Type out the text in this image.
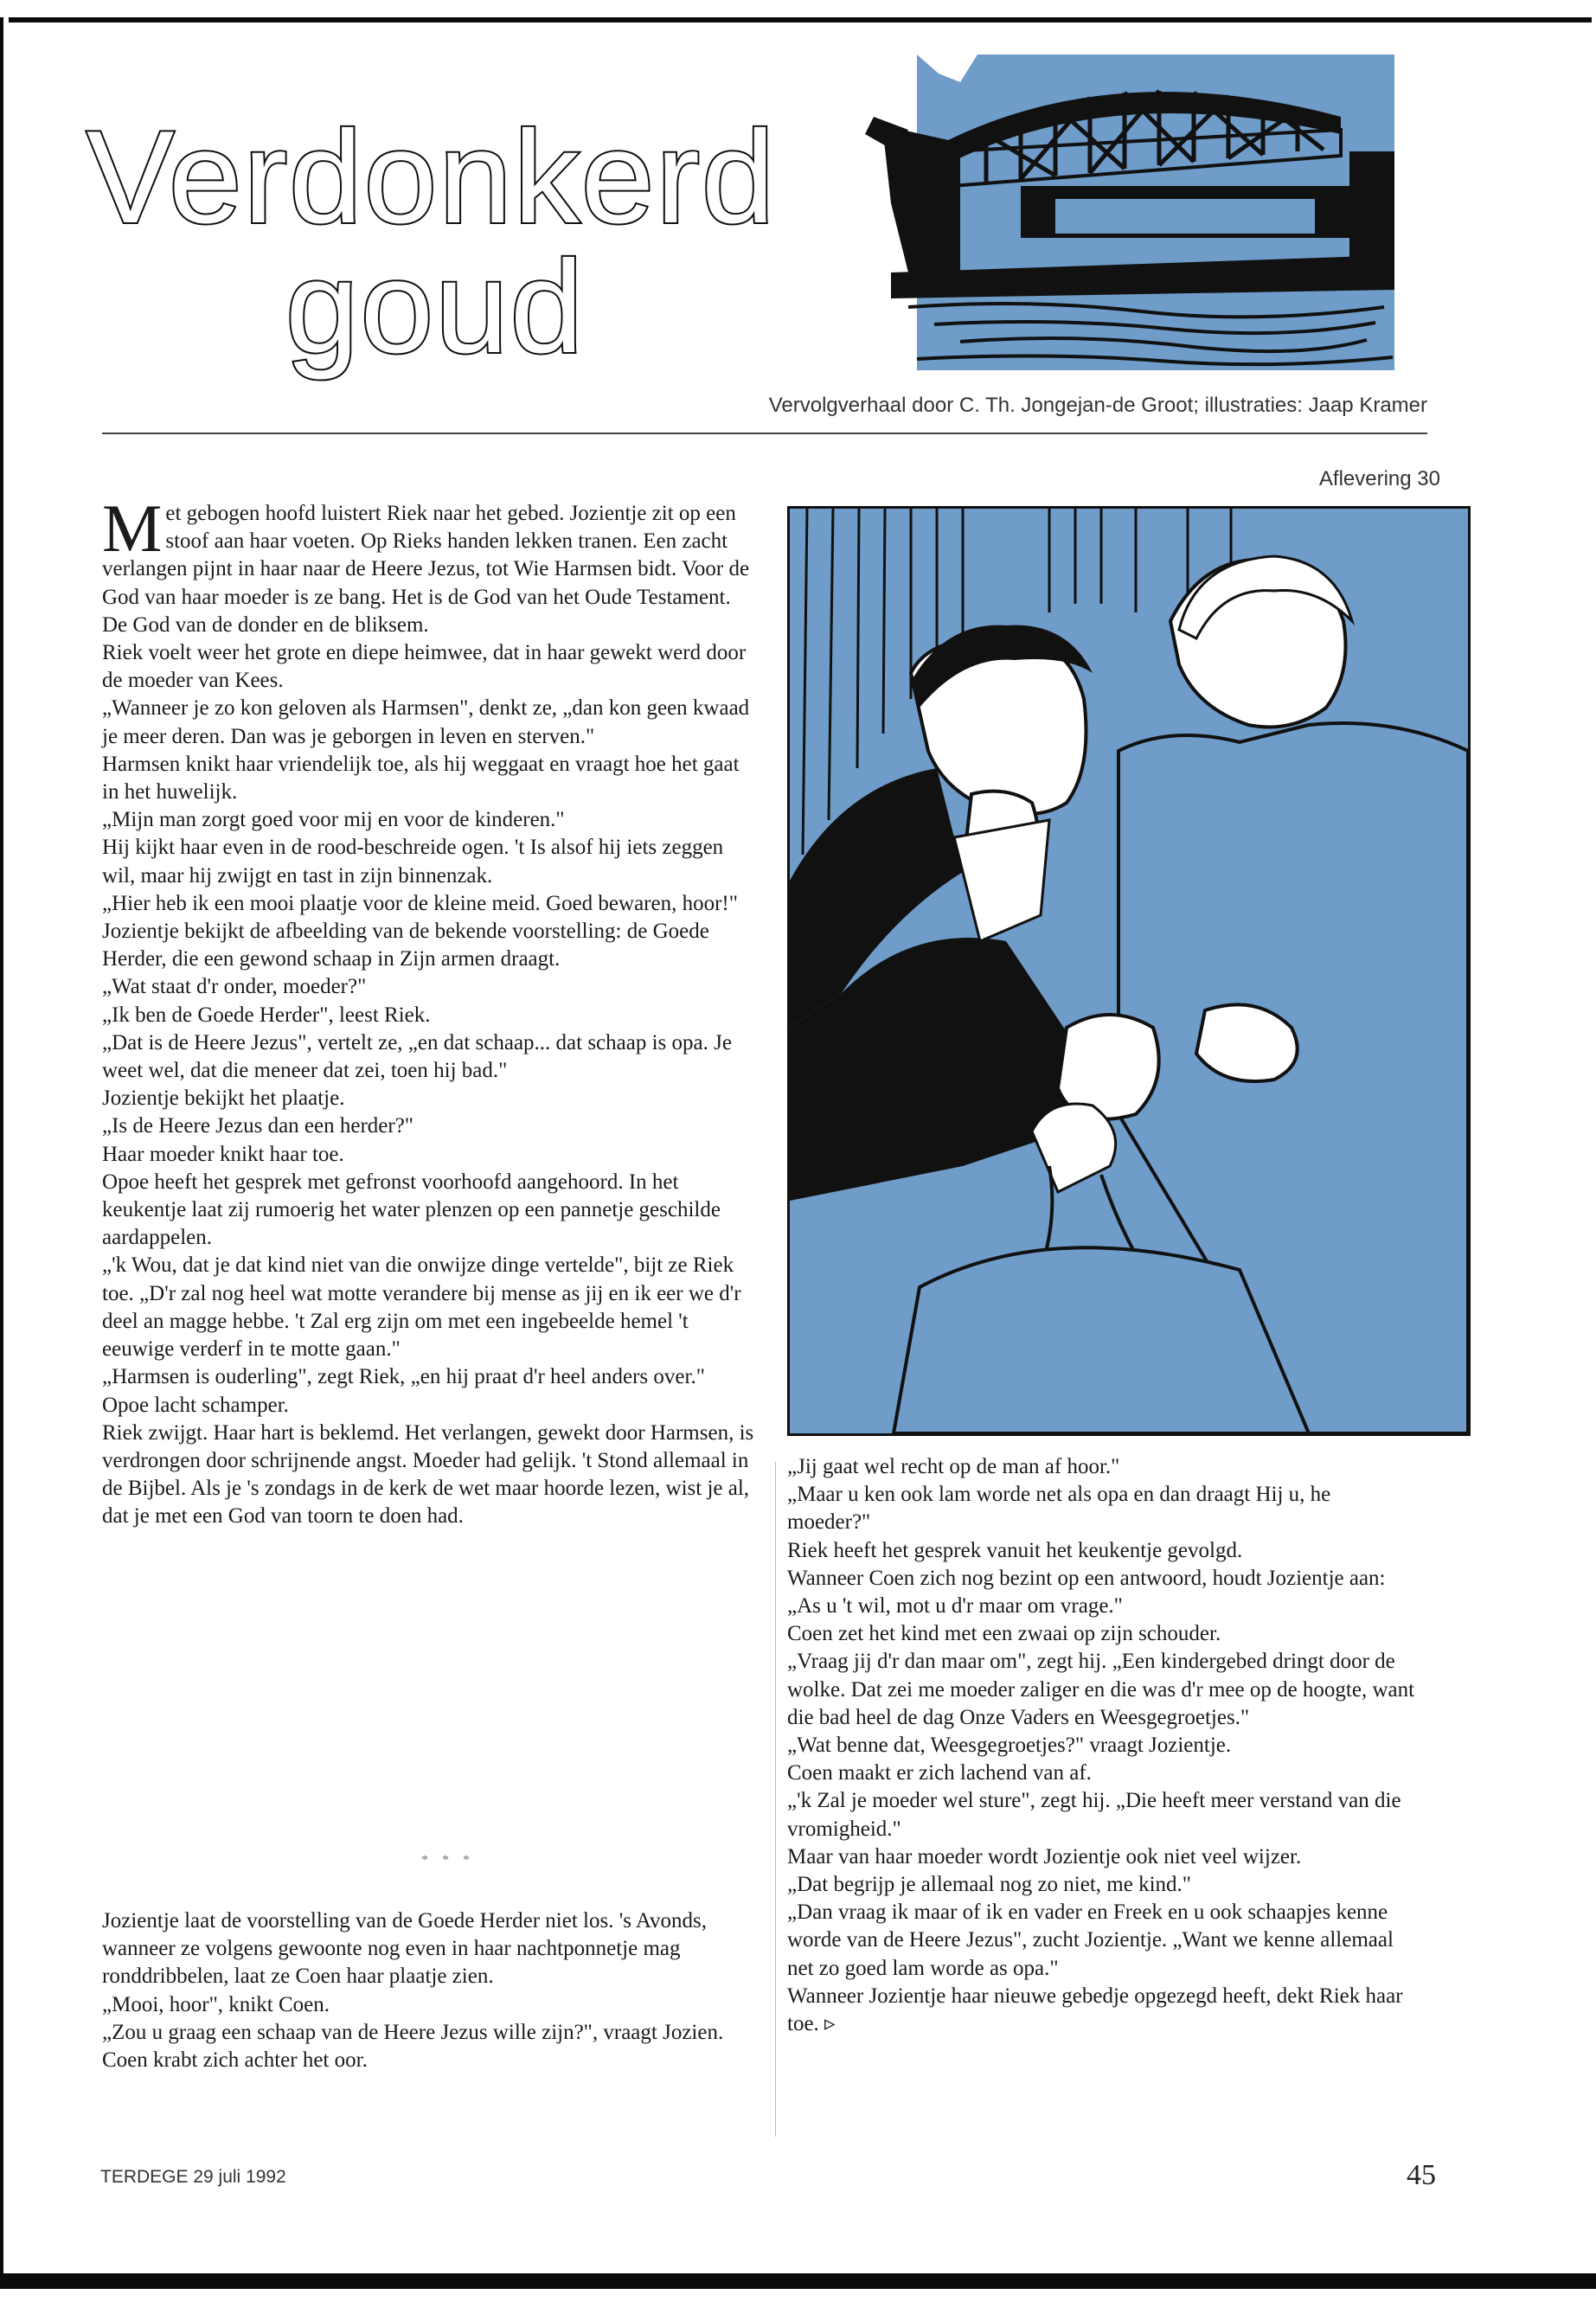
Verdonkerd
goud
Vervolgverhaal door C. Th. Jongejan-de Groot; illustraties: Jaap Kramer
Aflevering 30

Met gebogen hoofd luistert Riek naar het gebed. Jozientje zit op een stoof aan haar voeten. Op Rieks handen lekken tranen. Een zacht verlangen pijnt in haar naar de Heere Jezus, tot Wie Harmsen bidt. Voor de God van haar moeder is ze bang. Het is de God van het Oude Testament. De God van de donder en de bliksem.

Riek voelt weer het grote en diepe heimwee, dat in haar gewekt werd door de moeder van Kees.

„Wanneer je zo kon geloven als Harmsen", denkt ze, „dan kon geen kwaad je meer deren. Dan was je geborgen in leven en sterven."

Harmsen knikt haar vriendelijk toe, als hij weggaat en vraagt hoe het gaat in het huwelijk.

„Mijn man zorgt goed voor mij en voor de kinderen."

Hij kijkt haar even in de rood-beschreide ogen. 't Is alsof hij iets zeggen wil, maar hij zwijgt en tast in zijn binnenzak.

„Hier heb ik een mooi plaatje voor de kleine meid. Goed bewaren, hoor!"

Jozientje bekijkt de afbeelding van de bekende voorstelling: de Goede Herder, die een gewond schaap in Zijn armen draagt.

„Wat staat d'r onder, moeder?"

„Ik ben de Goede Herder", leest Riek.

„Dat is de Heere Jezus", vertelt ze, „en dat schaap... dat schaap is opa. Je weet wel, dat die meneer dat zei, toen hij bad."

Jozientje bekijkt het plaatje.

„Is de Heere Jezus dan een herder?"

Haar moeder knikt haar toe.

Opoe heeft het gesprek met gefronst voorhoofd aangehoord. In het keukentje laat zij rumoerig het water plenzen op een pannetje geschilde aardappelen.

„'k Wou, dat je dat kind niet van die onwijze dinge vertelde", bijt ze Riek toe. „D'r zal nog heel wat motte verandere bij mense as jij en ik eer we d'r deel an magge hebbe. 't Zal erg zijn om met een ingebeelde hemel 't eeuwige verderf in te motte gaan."

„Harmsen is ouderling", zegt Riek, „en hij praat d'r heel anders over."

Opoe lacht schamper.

Riek zwijgt. Haar hart is beklemd. Het verlangen, gewekt door Harmsen, is verdrongen door schrijnende angst. Moeder had gelijk. 't Stond allemaal in de Bijbel. Als je 's zondags in de kerk de wet maar hoorde lezen, wist je al, dat je met een God van toorn te doen had.

* * *

Jozientje laat de voorstelling van de Goede Herder niet los. 's Avonds, wanneer ze volgens gewoonte nog even in haar nachtponnetje mag ronddribbelen, laat ze Coen haar plaatje zien.

„Mooi, hoor", knikt Coen.

„Zou u graag een schaap van de Heere Jezus wille zijn?", vraagt Jozien.

Coen krabt zich achter het oor.

„Jij gaat wel recht op de man af hoor."

„Maar u ken ook lam worde net als opa en dan draagt Hij u, he moeder?"

Riek heeft het gesprek vanuit het keukentje gevolgd.

Wanneer Coen zich nog bezint op een antwoord, houdt Jozientje aan: „As u 't wil, mot u d'r maar om vrage."

Coen zet het kind met een zwaai op zijn schouder.

„Vraag jij d'r dan maar om", zegt hij. „Een kindergebed dringt door de wolke. Dat zei me moeder zaliger en die was d'r mee op de hoogte, want die bad heel de dag Onze Vaders en Weesgegroetjes."

„Wat benne dat, Weesgegroetjes?" vraagt Jozientje.

Coen maakt er zich lachend van af.

„'k Zal je moeder wel sture", zegt hij. „Die heeft meer verstand van die vromigheid."

Maar van haar moeder wordt Jozientje ook niet veel wijzer.

„Dat begrijp je allemaal nog zo niet, me kind."

„Dan vraag ik maar of ik en vader en Freek en u ook schaapjes kenne worde van de Heere Jezus", zucht Jozientje. „Want we kenne allemaal net zo goed lam worde as opa."

Wanneer Jozientje haar nieuwe gebedje opgezegd heeft, dekt Riek haar toe. ▹

TERDEGE 29 juli 1992	45
